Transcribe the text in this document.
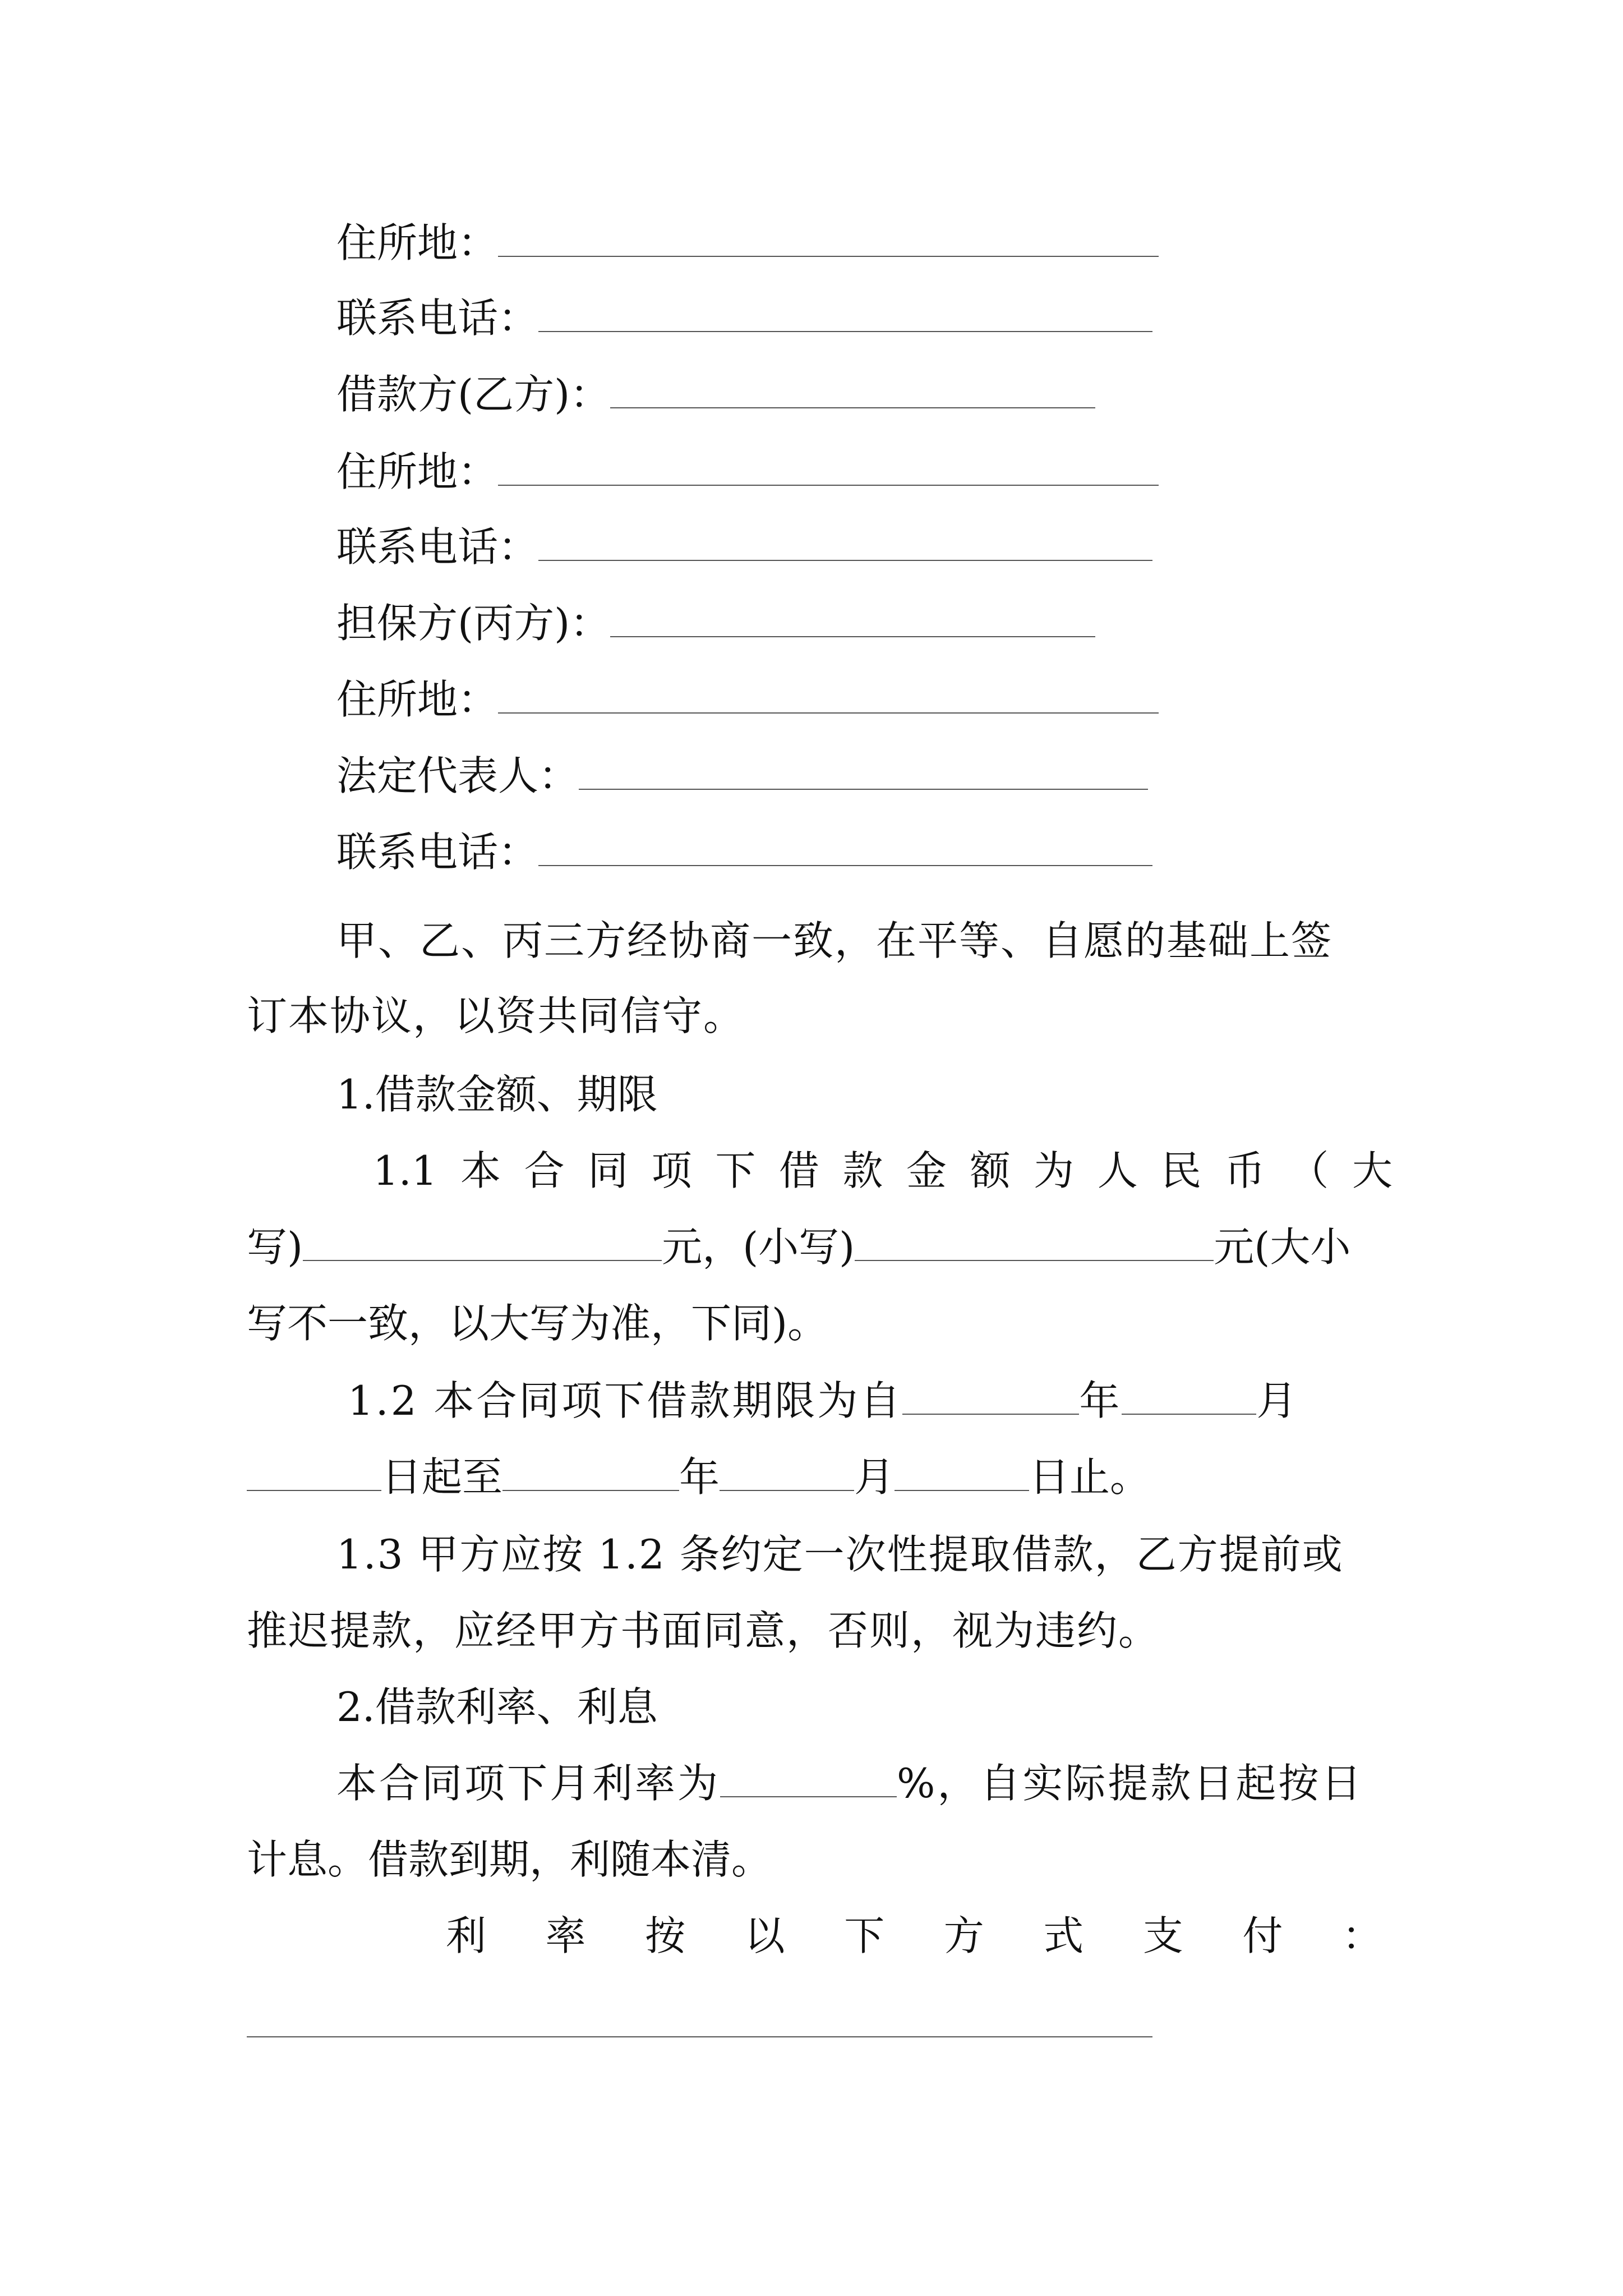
住所地：
联系电话：
借款方(乙方)：
住所地：
联系电话：
担保方(丙方)：
住所地：
法定代表人：
联系电话：
甲、乙、丙三方经协商一致，在平等、自愿的基础上签
订本协议，以资共同信守。
1.借款金额、期限
1.1 本 合 同 项 下 借 款 金 额 为 人 民 币 （ 大
写)	元，(小写)	元(大小
写不一致，以大写为准，下同)。
1.2 本合同项下借款期限为自	年	月
日起至	年	月	日止。
1.3 甲方应按 1.2 条约定一次性提取借款，乙方提前或
推迟提款，应经甲方书面同意，否则，视为违约。
2.借款利率、利息
本合同项下月利率为	%，自实际提款日起按日
计息。借款到期，利随本清。
利 率 按 以 下 方 式 支 付 ：
